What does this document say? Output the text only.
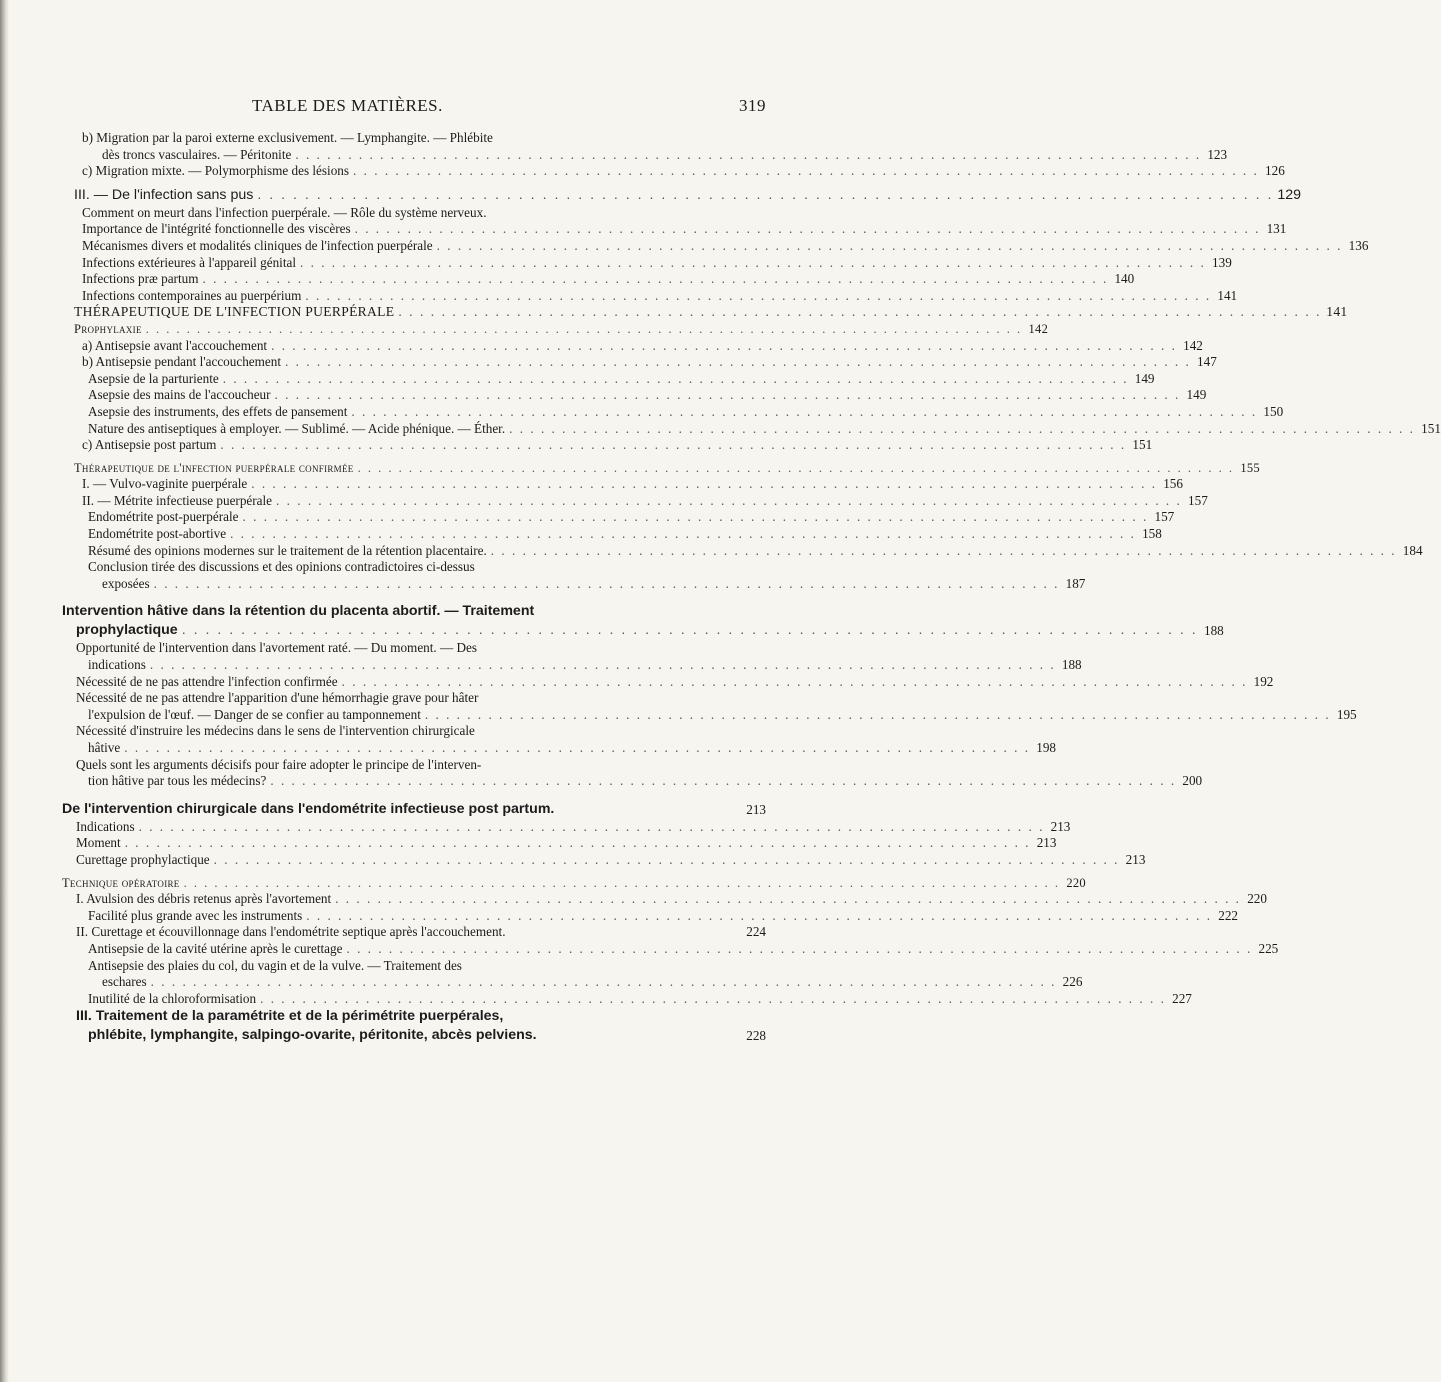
TABLE DES MATIÈRES.	319
b) Migration par la paroi externe exclusivement. — Lymphangite. — Phlébite
dès troncs vasculaires. — Péritonite . . .	123
c) Migration mixte. — Polymorphisme des lésions . . .	126
III. — De l'infection sans pus . . .	129
Comment on meurt dans l'infection puerpérale. — Rôle du système nerveux.
Importance de l'intégrité fonctionnelle des viscères . . .	131
Mécanismes divers et modalités cliniques de l'infection puerpérale . . .	136
Infections extérieures à l'appareil génital . . .	139
Infections præ partum . . .	140
Infections contemporaines au puerpérium . . .	141
THÉRAPEUTIQUE DE L'INFECTION PUERPÉRALE . . .	141
Prophylaxie . . .	142
a) Antisepsie avant l'accouchement . . .	142
b) Antisepsie pendant l'accouchement . . .	147
Asepsie de la parturiente . . .	149
Asepsie des mains de l'accoucheur . . .	149
Asepsie des instruments, des effets de pansement . . .	150
Nature des antiseptiques à employer. — Sublimé. — Acide phénique. — Éther. . . .	151
c) Antisepsie post partum . . .	151
Thérapeutique de l'infection puerpérale confirmée . . .	155
I. — Vulvo-vaginite puerpérale . . .	156
II. — Métrite infectieuse puerpérale . . .	157
Endométrite post-puerpérale . . .	157
Endométrite post-abortive . . .	158
Résumé des opinions modernes sur le traitement de la rétention placentaire. . . .	184
Conclusion tirée des discussions et des opinions contradictoires ci-dessus
exposées . . .	187
Intervention hâtive dans la rétention du placenta abortif. — Traitement
prophylactique . . .	188
Opportunité de l'intervention dans l'avortement raté. — Du moment. — Des
indications . . .	188
Nécessité de ne pas attendre l'infection confirmée . . .	192
Nécessité de ne pas attendre l'apparition d'une hémorrhagie grave pour hâter
l'expulsion de l'œuf. — Danger de se confier au tamponnement . . .	195
Nécessité d'instruire les médecins dans le sens de l'intervention chirurgicale
hâtive . . .	198
Quels sont les arguments décisifs pour faire adopter le principe de l'interven-
tion hâtive par tous les médecins? . . .	200
De l'intervention chirurgicale dans l'endométrite infectieuse post partum.	213
Indications . . .	213
Moment . . .	213
Curettage prophylactique . . .	213
Technique opératoire . . .	220
I. Avulsion des débris retenus après l'avortement . . .	220
Facilité plus grande avec les instruments . . .	222
II. Curettage et écouvillonnage dans l'endométrite septique après l'accouchement.	224
Antisepsie de la cavité utérine après le curettage . . .	225
Antisepsie des plaies du col, du vagin et de la vulve. — Traitement des
eschares . . .	226
Inutilité de la chloroformisation . . .	227
III. Traitement de la paramétrite et de la périmétrite puerpérales,
phlébite, lymphangite, salpingo-ovarite, péritonite, abcès pelviens.	228
